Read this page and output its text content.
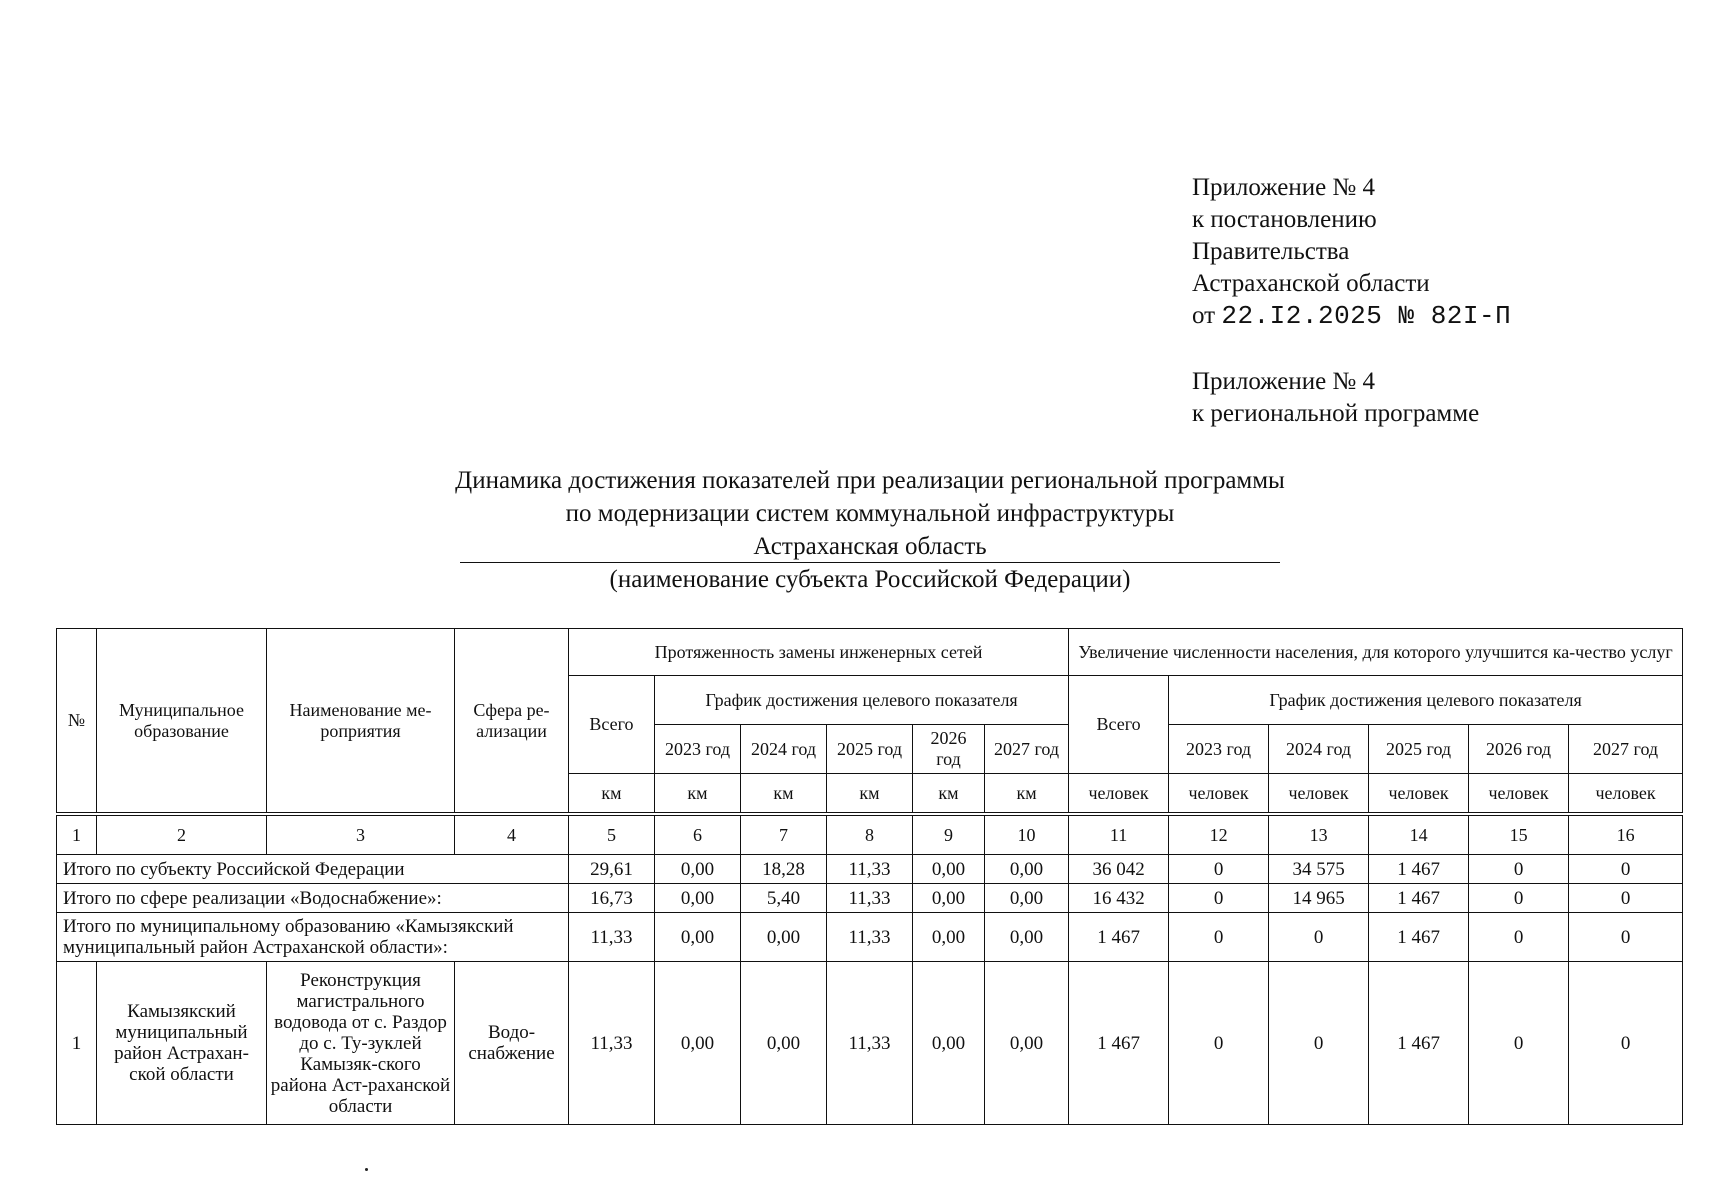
Приложение № 4
к постановлению
Правительства
Астраханской области
от 22.I2.2025 № 82I-П
Приложение № 4
к региональной программе
Динамика достижения показателей при реализации региональной программы
по модернизации систем коммунальной инфраструктуры
Астраханская область
(наименование субъекта Российской Федерации)
№	Муниципальное образование	Наименование ме-роприятия	Сфера ре-ализации	Протяженность замены инженерных сетей						Увеличение численности населения, для которого улучшится ка-чество услуг					
				Всего	График достижения целевого показателя					Всего	График достижения целевого показателя				
					2023 год	2024 год	2025 год	2026 год	2027 год		2023 год	2024 год	2025 год	2026 год	2027 год
				км	км	км	км	км	км	человек	человек	человек	человек	человек	человек
1	2	3	4	5	6	7	8	9	10	11	12	13	14	15	16
Итого по субъекту Российской Федерации				29,61	0,00	18,28	11,33	0,00	0,00	36 042	0	34 575	1 467	0	0
Итого по сфере реализации «Водоснабжение»:				16,73	0,00	5,40	11,33	0,00	0,00	16 432	0	14 965	1 467	0	0
Итого по муниципальному образованию «Камызякский муниципальный район Астраханской области»:				11,33	0,00	0,00	11,33	0,00	0,00	1 467	0	0	1 467	0	0
1	Камызякский муниципальный район Астрахан-ской области	Реконструкция магистрального водовода от с. Раздор до с. Ту-зуклей Камызяк-ского района Аст-раханской области	Водо-снабжение	11,33	0,00	0,00	11,33	0,00	0,00	1 467	0	0	1 467	0	0
